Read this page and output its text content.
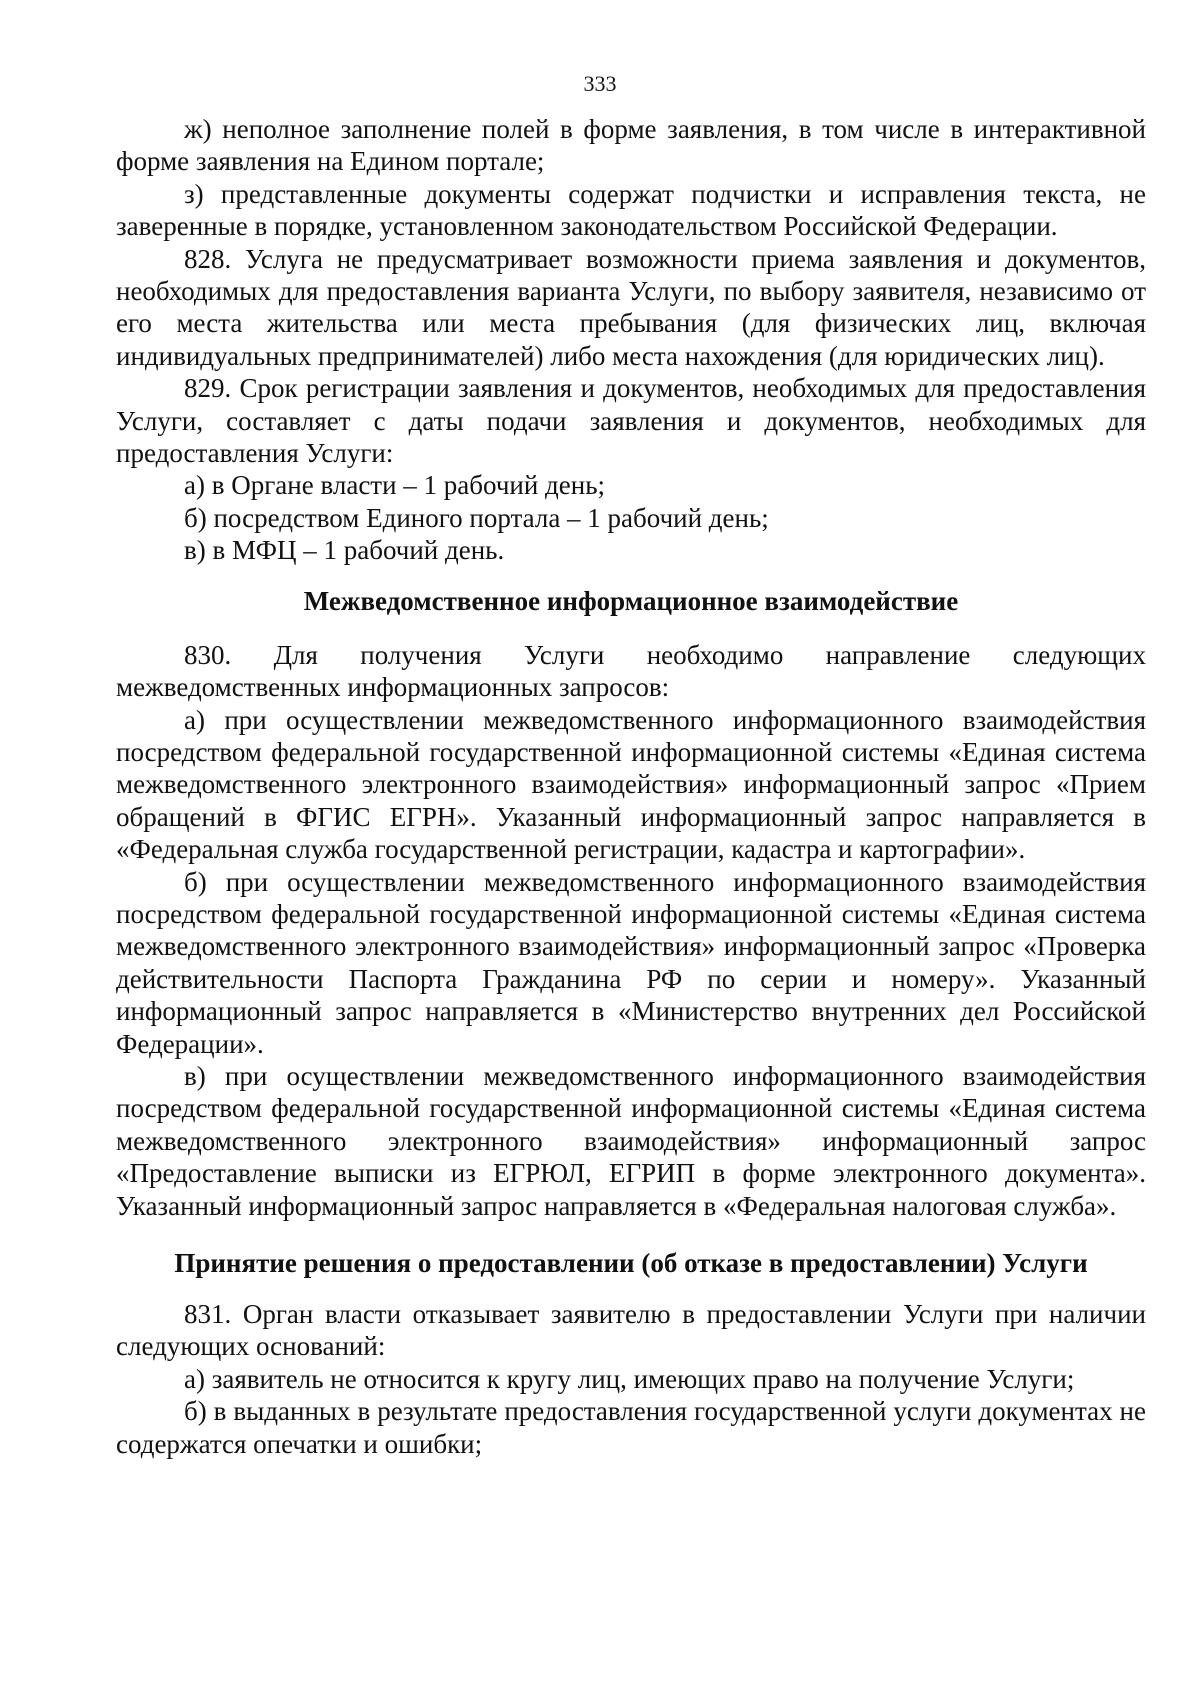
333

ж) неполное заполнение полей в форме заявления, в том числе в интерактивной форме заявления на Едином портале;

з) представленные документы содержат подчистки и исправления текста, не заверенные в порядке, установленном законодательством Российской Федерации.

828. Услуга не предусматривает возможности приема заявления и документов, необходимых для предоставления варианта Услуги, по выбору заявителя, независимо от его места жительства или места пребывания (для физических лиц, включая индивидуальных предпринимателей) либо места нахождения (для юридических лиц).

829. Срок регистрации заявления и документов, необходимых для предоставления Услуги, составляет с даты подачи заявления и документов, необходимых для предоставления Услуги:

а) в Органе власти – 1 рабочий день;

б) посредством Единого портала – 1 рабочий день;

в) в МФЦ – 1 рабочий день.

Межведомственное информационное взаимодействие

830. Для получения Услуги необходимо направление следующих межведомственных информационных запросов:

а) при осуществлении межведомственного информационного взаимодействия посредством федеральной государственной информационной системы «Единая система межведомственного электронного взаимодействия» информационный запрос «Прием обращений в ФГИС ЕГРН». Указанный информационный запрос направляется в «Федеральная служба государственной регистрации, кадастра и картографии».

б) при осуществлении межведомственного информационного взаимодействия посредством федеральной государственной информационной системы «Единая система межведомственного электронного взаимодействия» информационный запрос «Проверка действительности Паспорта Гражданина РФ по серии и номеру». Указанный информационный запрос направляется в «Министерство внутренних дел Российской Федерации».

в) при осуществлении межведомственного информационного взаимодействия посредством федеральной государственной информационной системы «Единая система межведомственного электронного взаимодействия» информационный запрос «Предоставление выписки из ЕГРЮЛ, ЕГРИП в форме электронного документа». Указанный информационный запрос направляется в «Федеральная налоговая служба».

Принятие решения о предоставлении (об отказе в предоставлении) Услуги

831. Орган власти отказывает заявителю в предоставлении Услуги при наличии следующих оснований:

а) заявитель не относится к кругу лиц, имеющих право на получение Услуги;

б) в выданных в результате предоставления государственной услуги документах не содержатся опечатки и ошибки;
